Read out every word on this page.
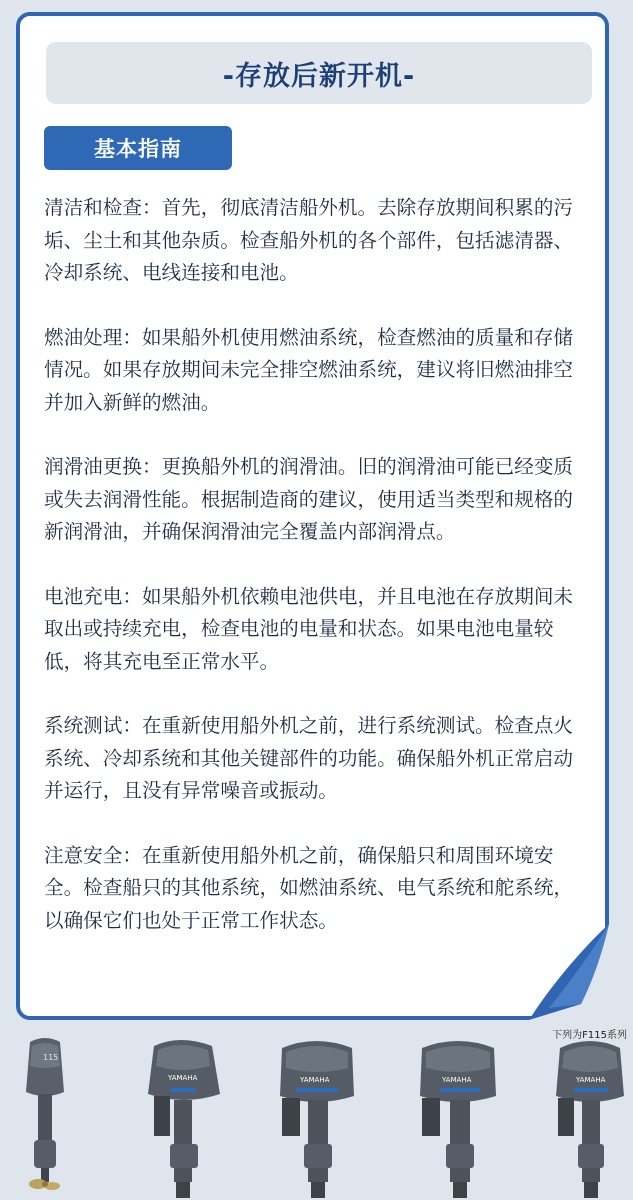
-存放后新开机-
基本指南

清洁和检查：首先，彻底清洁船外机。去除存放期间积累的污垢、尘土和其他杂质。检查船外机的各个部件，包括滤清器、冷却系统、电线连接和电池。

燃油处理：如果船外机使用燃油系统，检查燃油的质量和存储情况。如果存放期间未完全排空燃油系统，建议将旧燃油排空并加入新鲜的燃油。

润滑油更换：更换船外机的润滑油。旧的润滑油可能已经变质或失去润滑性能。根据制造商的建议，使用适当类型和规格的新润滑油，并确保润滑油完全覆盖内部润滑点。

电池充电：如果船外机依赖电池供电，并且电池在存放期间未取出或持续充电，检查电池的电量和状态。如果电池电量较低，将其充电至正常水平。

系统测试：在重新使用船外机之前，进行系统测试。检查点火系统、冷却系统和其他关键部件的功能。确保船外机正常启动并运行，且没有异常噪音或振动。

注意安全：在重新使用船外机之前，确保船只和周围环境安全。检查船只的其他系统，如燃油系统、电气系统和舵系统，以确保它们也处于正常工作状态。

下列为F115系列
115
YAMAHA	YAMAHA	YAMAHA	YAMAHA
